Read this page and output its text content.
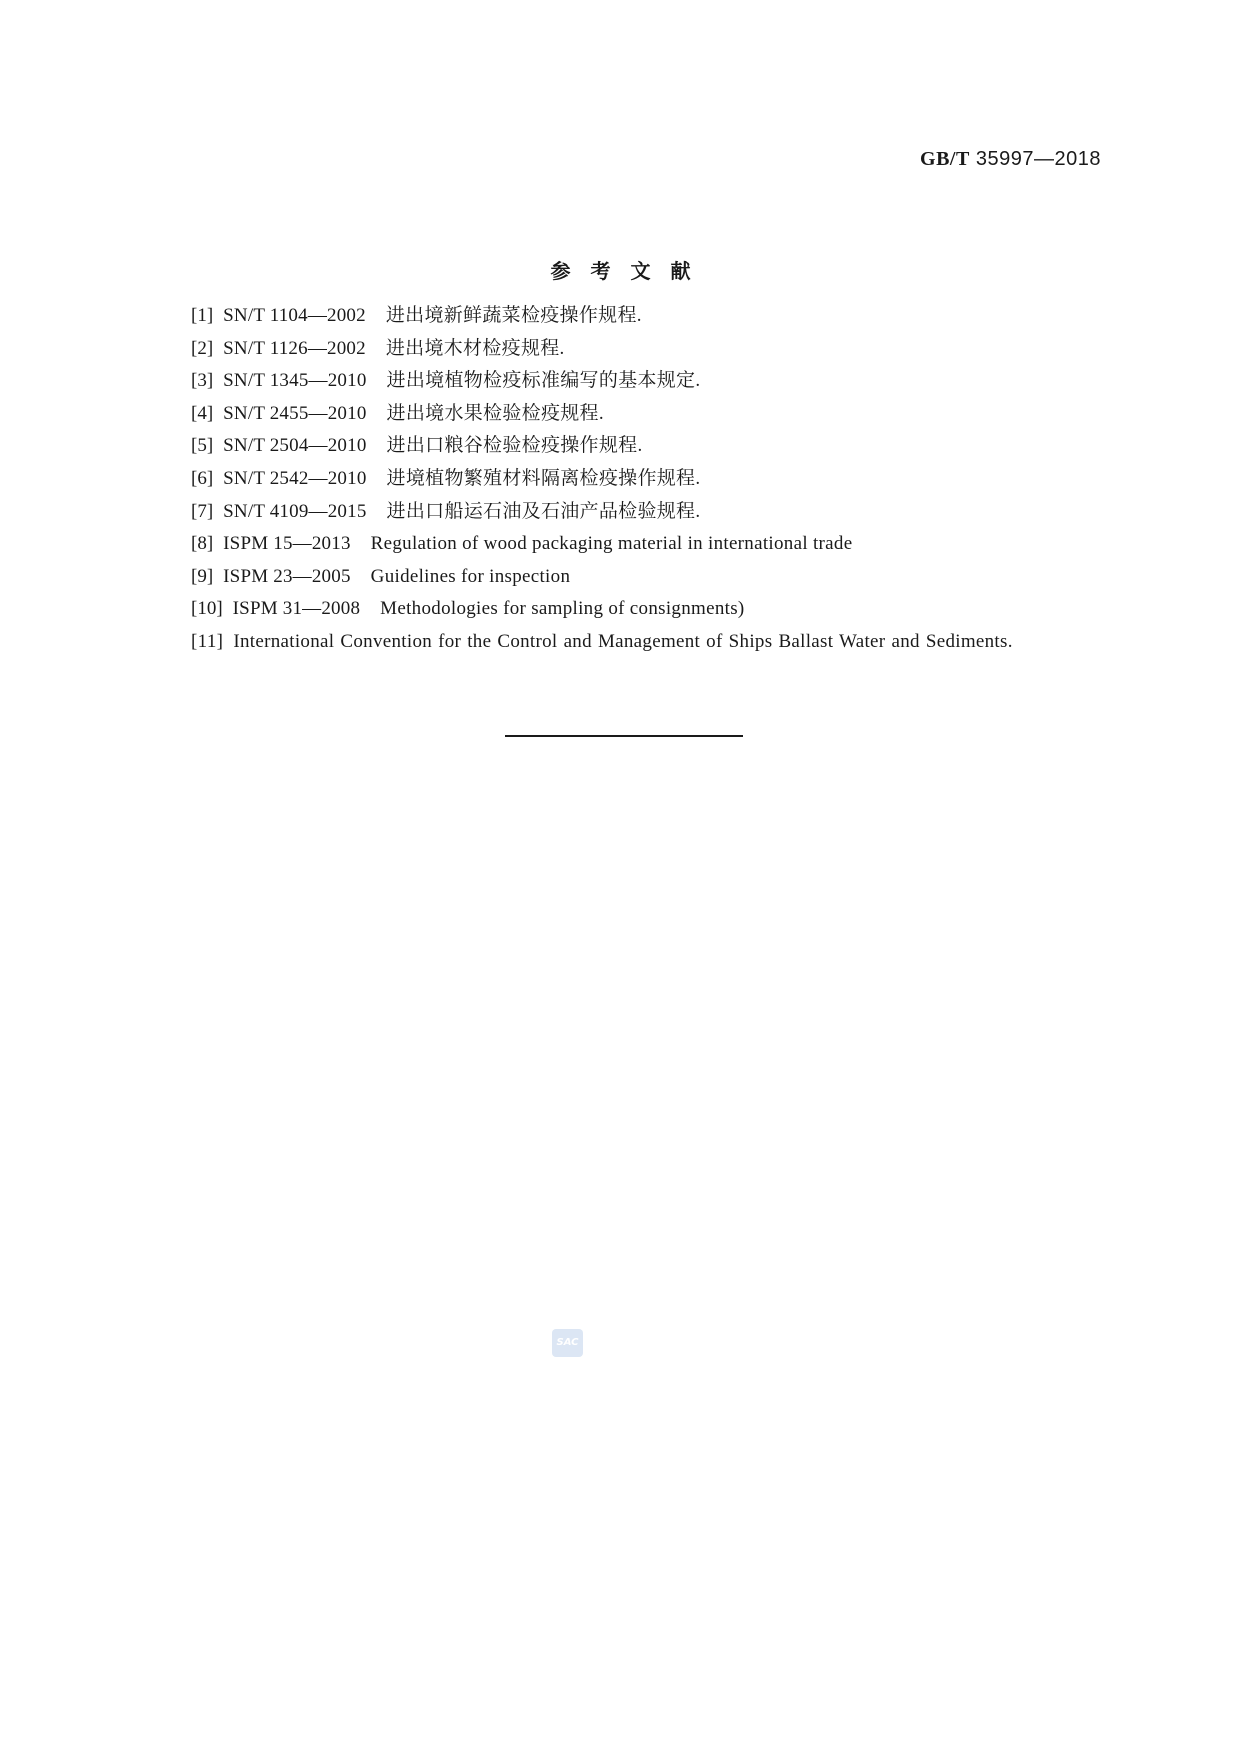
GB/T 35997—2018
参考文献
[1] SN/T 1104—2002 进出境新鲜蔬菜检疫操作规程.
[2] SN/T 1126—2002 进出境木材检疫规程.
[3] SN/T 1345—2010 进出境植物检疫标准编写的基本规定.
[4] SN/T 2455—2010 进出境水果检验检疫规程.
[5] SN/T 2504—2010 进出口粮谷检验检疫操作规程.
[6] SN/T 2542—2010 进境植物繁殖材料隔离检疫操作规程.
[7] SN/T 4109—2015 进出口船运石油及石油产品检验规程.
[8] ISPM 15—2013 Regulation of wood packaging material in international trade
[9] ISPM 23—2005 Guidelines for inspection
[10] ISPM 31—2008 Methodologies for sampling of consignments)
[11] International Convention for the Control and Management of Ships Ballast Water and Sediments.
SAC
